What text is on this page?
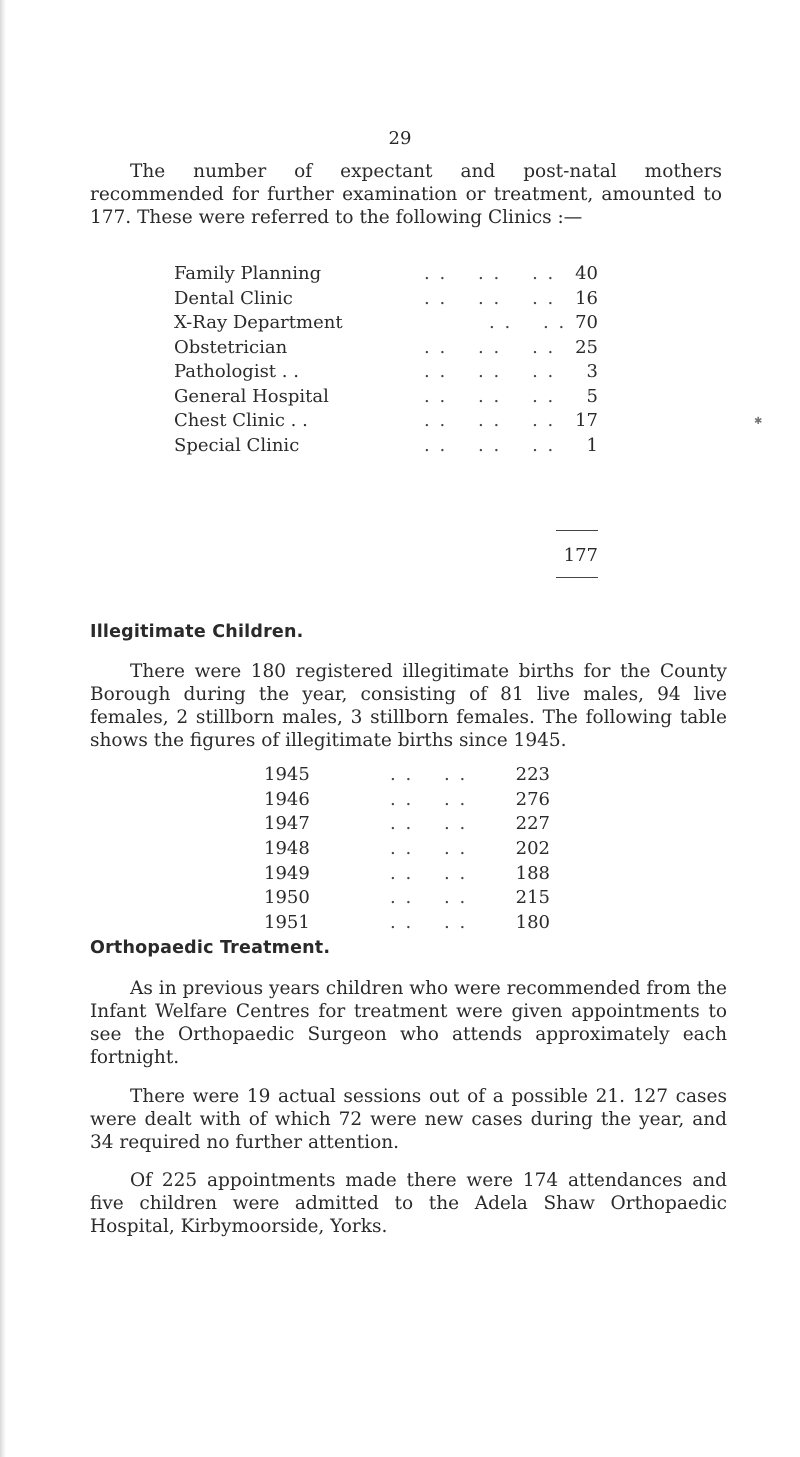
29

The number of expectant and post-natal mothers recommended for further examination or treatment, amounted to 177. These were referred to the following Clinics :—

Family Planning	. .    . .    . .	40
Dental Clinic	. .    . .    . .	16
X-Ray Department	. .    . . 70
Obstetrician	. .    . .    . .	25
Pathologist . .	. .    . .    . .	3
General Hospital	. .    . .    . .	5
Chest Clinic . .	. .    . .    . .	17
Special Clinic	. .    . .    . .	1
177
✱
Illegitimate Children.

There were 180 registered illegitimate births for the County Borough during the year, consisting of 81 live males, 94 live females, 2 stillborn males, 3 stillborn females. The following table shows the figures of illegitimate births since 1945.

1945	. .    . .	223
1946	. .    . .	276
1947	. .    . .	227
1948	. .    . .	202
1949	. .    . .	188
1950	. .    . .	215
1951	. .    . .	180
Orthopaedic Treatment.

As in previous years children who were recommended from the Infant Welfare Centres for treatment were given appointments to see the Orthopaedic Surgeon who attends approximately each fortnight.

There were 19 actual sessions out of a possible 21. 127 cases were dealt with of which 72 were new cases during the year, and 34 required no further attention.

Of 225 appointments made there were 174 attendances and five children were admitted to the Adela Shaw Orthopaedic Hospital, Kirbymoorside, Yorks.
